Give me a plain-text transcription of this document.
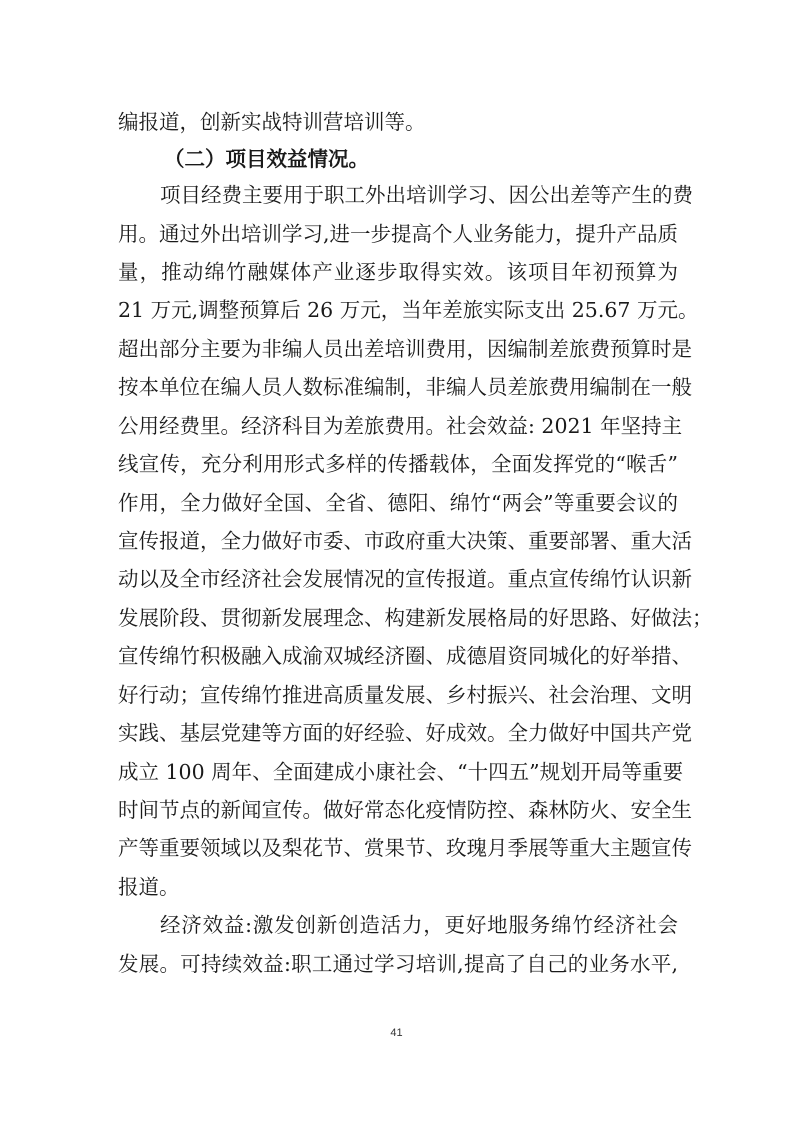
编报道，创新实战特训营培训等。
（二）项目效益情况。
项目经费主要用于职工外出培训学习、因公出差等产生的费
用。通过外出培训学习,进一步提高个人业务能力，提升产品质
量，推动绵竹融媒体产业逐步取得实效。该项目年初预算为
21 万元,调整预算后 26 万元，当年差旅实际支出 25.67 万元。
超出部分主要为非编人员出差培训费用，因编制差旅费预算时是
按本单位在编人员人数标准编制，非编人员差旅费用编制在一般
公用经费里。经济科目为差旅费用。社会效益: 2021 年坚持主
线宣传，充分利用形式多样的传播载体，全面发挥党的“喉舌”
作用，全力做好全国、全省、德阳、绵竹“两会”等重要会议的
宣传报道，全力做好市委、市政府重大决策、重要部署、重大活
动以及全市经济社会发展情况的宣传报道。重点宣传绵竹认识新
发展阶段、贯彻新发展理念、构建新发展格局的好思路、好做法；
宣传绵竹积极融入成渝双城经济圈、成德眉资同城化的好举措、
好行动；宣传绵竹推进高质量发展、乡村振兴、社会治理、文明
实践、基层党建等方面的好经验、好成效。全力做好中国共产党
成立 100 周年、全面建成小康社会、“十四五”规划开局等重要
时间节点的新闻宣传。做好常态化疫情防控、森林防火、安全生
产等重要领域以及梨花节、赏果节、玫瑰月季展等重大主题宣传
报道。
经济效益:激发创新创造活力，更好地服务绵竹经济社会
发展。可持续效益:职工通过学习培训,提高了自己的业务水平,
41
